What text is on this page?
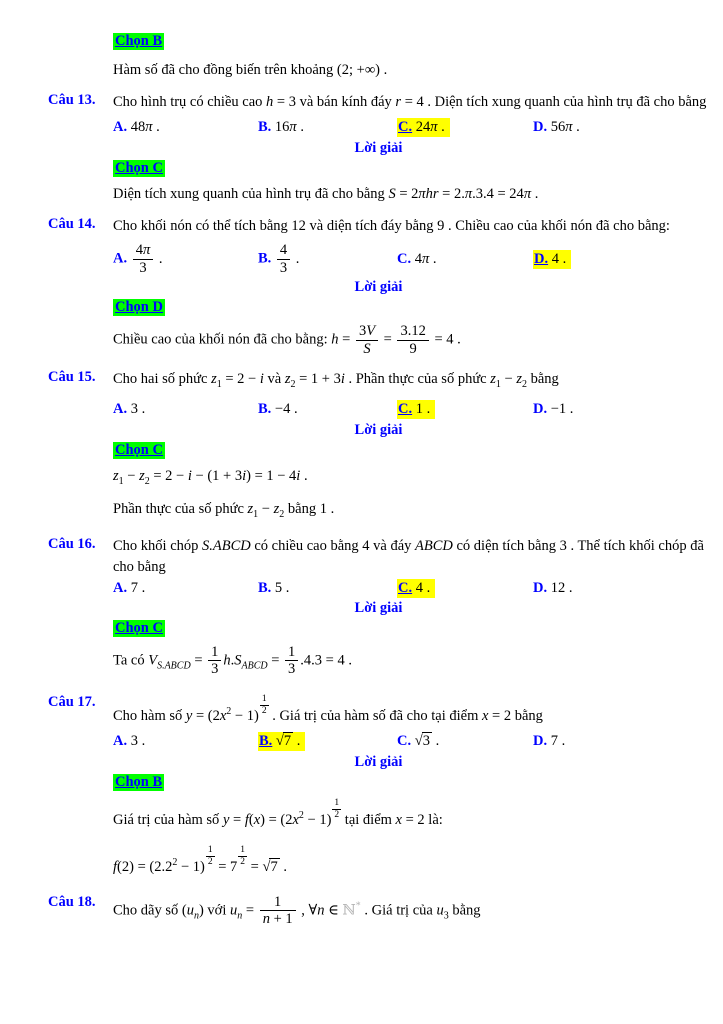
Chọn B
Hàm số đã cho đồng biến trên khoảng (2; +∞) .
Câu 13.	Cho hình trụ có chiều cao h = 3 và bán kính đáy r = 4 . Diện tích xung quanh của hình trụ đã cho bằng
A. 48π .	B. 16π .	C. 24π .	D. 56π .
Lời giải
Chọn C
Diện tích xung quanh của hình trụ đã cho bằng S = 2πhr = 2.π.3.4 = 24π .
Câu 14.	Cho khối nón có thể tích bằng 12 và diện tích đáy bằng 9 . Chiều cao của khối nón đã cho bằng:
A. $\frac{4\pi}{3}$ .	B. $\frac{4}{3}$ .	C. 4π .	D. 4 .
Lời giải
Chọn D
Chiều cao của khối nón đã cho bằng: $h = \frac{3V}{S} = \frac{3.12}{9} = 4$ .
Câu 15.	Cho hai số phức $z_1 = 2 - i$ và $z_2 = 1 + 3i$ . Phần thực của số phức $z_1 - z_2$ bằng
A. 3 .	B. −4 .	C. 1 .	D. −1 .
Lời giải
Chọn C
$z_1 - z_2 = 2 - i - (1 + 3i) = 1 - 4i$ .
Phần thực của số phức $z_1 - z_2$ bằng 1 .
Câu 16.	Cho khối chóp S.ABCD có chiều cao bằng 4 và đáy ABCD có diện tích bằng 3 . Thể tích khối chóp đã cho bằng
A. 7 .	B. 5 .	C. 4 .	D. 12 .
Lời giải
Chọn C
Ta có $V_{S.ABCD} = \frac{1}{3} h.S_{ABCD} = \frac{1}{3} .4.3 = 4$ .
Câu 17.
Cho hàm số $y = (2x^2 - 1) \frac{1}{2}$ . Giá trị của hàm số đã cho tại điểm x = 2 bằng
A. 3 .	B. √7 .	C. √3 .	D. 7 .
Lời giải
Chọn B
Giá trị của hàm số $y = f(x) = (2x^2 - 1) \frac{1}{2}$ tại điểm x = 2 là:
$f(2) = (2.2^2 - 1) \frac{1}{2} = 7 \frac{1}{2} = √7$ .
Câu 18.
Cho dãy số $(u_n)$ với $u_n = \frac{1}{n + 1}$ , ∀n ∈ ℕ* . Giá trị của $u_3$ bằng
